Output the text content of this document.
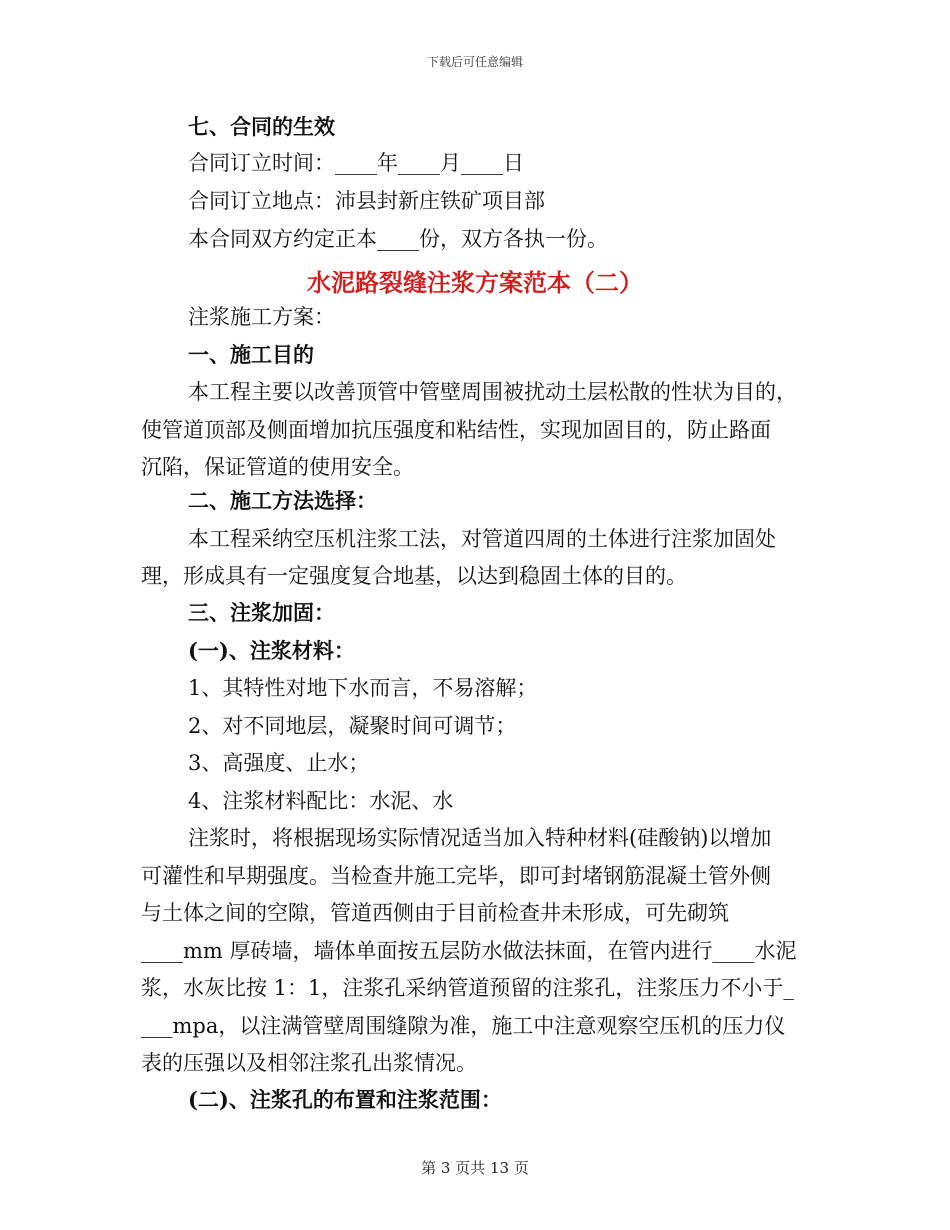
下载后可任意编辑
七、合同的生效
合同订立时间：____年____月____日
合同订立地点：沛县封新庄铁矿项目部
本合同双方约定正本____份，双方各执一份。
水泥路裂缝注浆方案范本（二）
注浆施工方案：
一、施工目的
本工程主要以改善顶管中管壁周围被扰动土层松散的性状为目的，
使管道顶部及侧面增加抗压强度和粘结性，实现加固目的，防止路面
沉陷，保证管道的使用安全。
二、施工方法选择：
本工程采纳空压机注浆工法，对管道四周的土体进行注浆加固处
理，形成具有一定强度复合地基，以达到稳固土体的目的。
三、注浆加固：
(一)、注浆材料：
1、其特性对地下水而言，不易溶解；
2、对不同地层，凝聚时间可调节；
3、高强度、止水；
4、注浆材料配比：水泥、水
注浆时，将根据现场实际情况适当加入特种材料(硅酸钠)以增加
可灌性和早期强度。当检查井施工完毕，即可封堵钢筋混凝土管外侧
与土体之间的空隙，管道西侧由于目前检查井未形成，可先砌筑
____mm 厚砖墙，墙体单面按五层防水做法抹面，在管内进行____水泥
浆，水灰比按 1：1，注浆孔采纳管道预留的注浆孔，注浆压力不小于_
___mpa，以注满管壁周围缝隙为准，施工中注意观察空压机的压力仪
表的压强以及相邻注浆孔出浆情况。
(二)、注浆孔的布置和注浆范围：
第 3 页共 13 页
